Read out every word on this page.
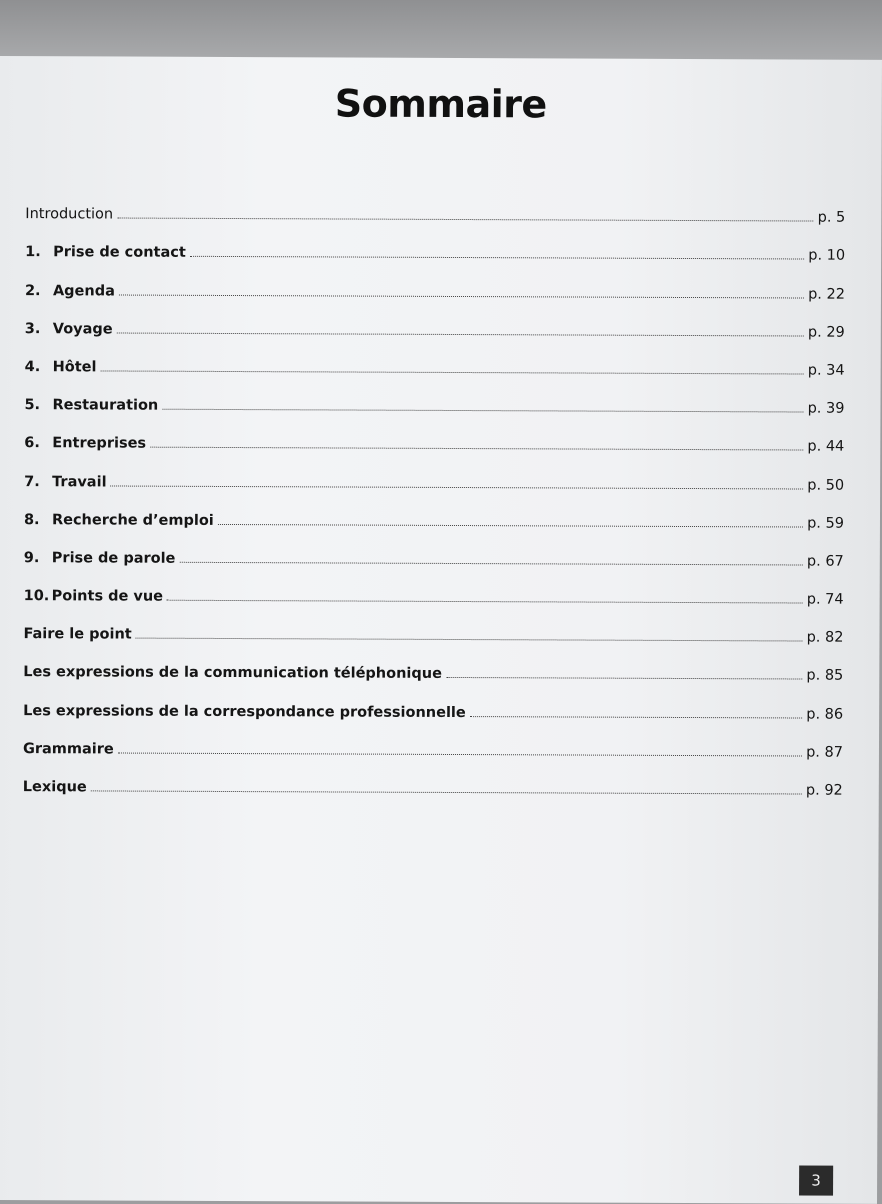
Sommaire
Introduction	p. 5
1. Prise de contact	p. 10
2. Agenda	p. 22
3. Voyage	p. 29
4. Hôtel	p. 34
5. Restauration	p. 39
6. Entreprises	p. 44
7. Travail	p. 50
8. Recherche d’emploi	p. 59
9. Prise de parole	p. 67
10. Points de vue	p. 74
Faire le point	p. 82
Les expressions de la communication téléphonique	p. 85
Les expressions de la correspondance professionnelle	p. 86
Grammaire	p. 87
Lexique	p. 92
3
